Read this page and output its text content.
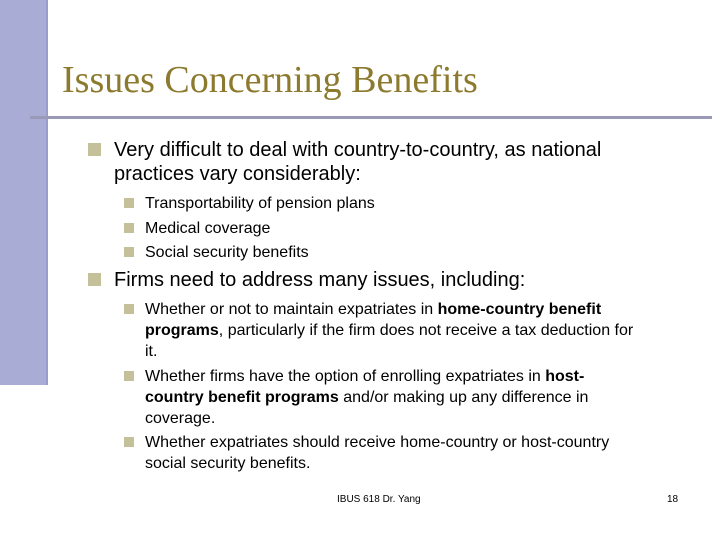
Issues Concerning Benefits
Very difficult to deal with country-to-country, as national practices vary considerably:
Transportability of pension plans
Medical coverage
Social security benefits
Firms need to address many issues, including:
Whether or not to maintain expatriates in home-country benefit programs, particularly if the firm does not receive a tax deduction for it.
Whether firms have the option of enrolling expatriates in host-country benefit programs and/or making up any difference in coverage.
Whether expatriates should receive home-country or host-country social security benefits.
IBUS 618 Dr. Yang	18
